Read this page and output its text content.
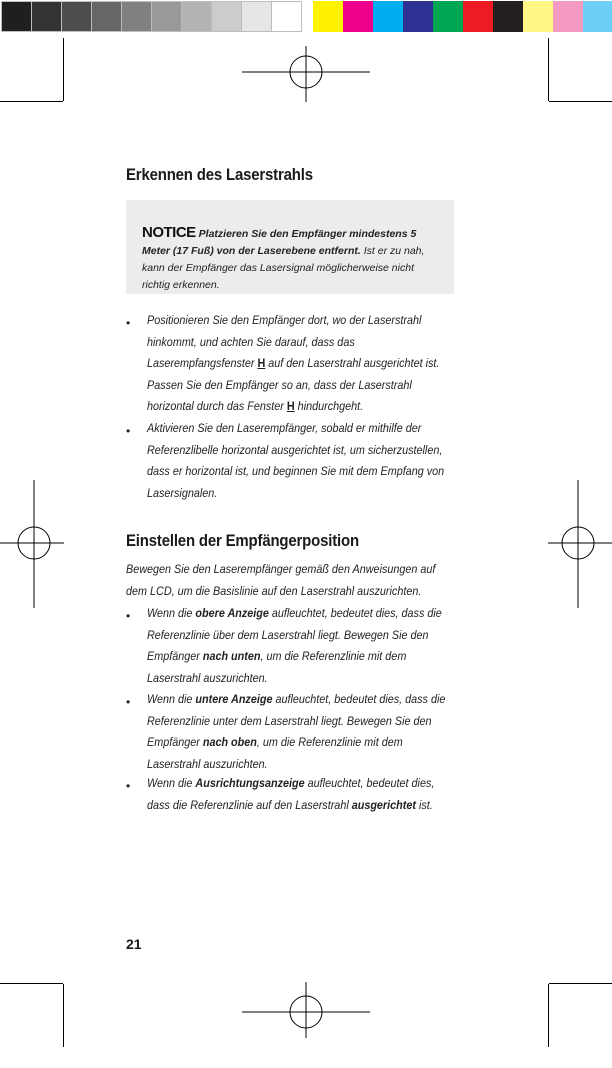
Erkennen des Laserstrahls
NOTICE Platzieren Sie den Empfänger mindestens 5 Meter (17 Fuß) von der Laserebene entfernt. Ist er zu nah, kann der Empfänger das Lasersignal möglicherweise nicht richtig erkennen.
• Positionieren Sie den Empfänger dort, wo der Laserstrahl hinkommt, und achten Sie darauf, dass das Laserempfangsfenster H auf den Laserstrahl ausgerichtet ist. Passen Sie den Empfänger so an, dass der Laserstrahl horizontal durch das Fenster H hindurchgeht.
• Aktivieren Sie den Laserempfänger, sobald er mithilfe der Referenzlibelle horizontal ausgerichtet ist, um sicherzustellen, dass er horizontal ist, und beginnen Sie mit dem Empfang von Lasersignalen.
Einstellen der Empfängerposition
Bewegen Sie den Laserempfänger gemäß den Anweisungen auf dem LCD, um die Basislinie auf den Laserstrahl auszurichten.
• Wenn die obere Anzeige aufleuchtet, bedeutet dies, dass die Referenzlinie über dem Laserstrahl liegt. Bewegen Sie den Empfänger nach unten, um die Referenzlinie mit dem Laserstrahl auszurichten.
• Wenn die untere Anzeige aufleuchtet, bedeutet dies, dass die Referenzlinie unter dem Laserstrahl liegt. Bewegen Sie den Empfänger nach oben, um die Referenzlinie mit dem Laserstrahl auszurichten.
• Wenn die Ausrichtungsanzeige aufleuchtet, bedeutet dies, dass die Referenzlinie auf den Laserstrahl ausgerichtet ist.
21
